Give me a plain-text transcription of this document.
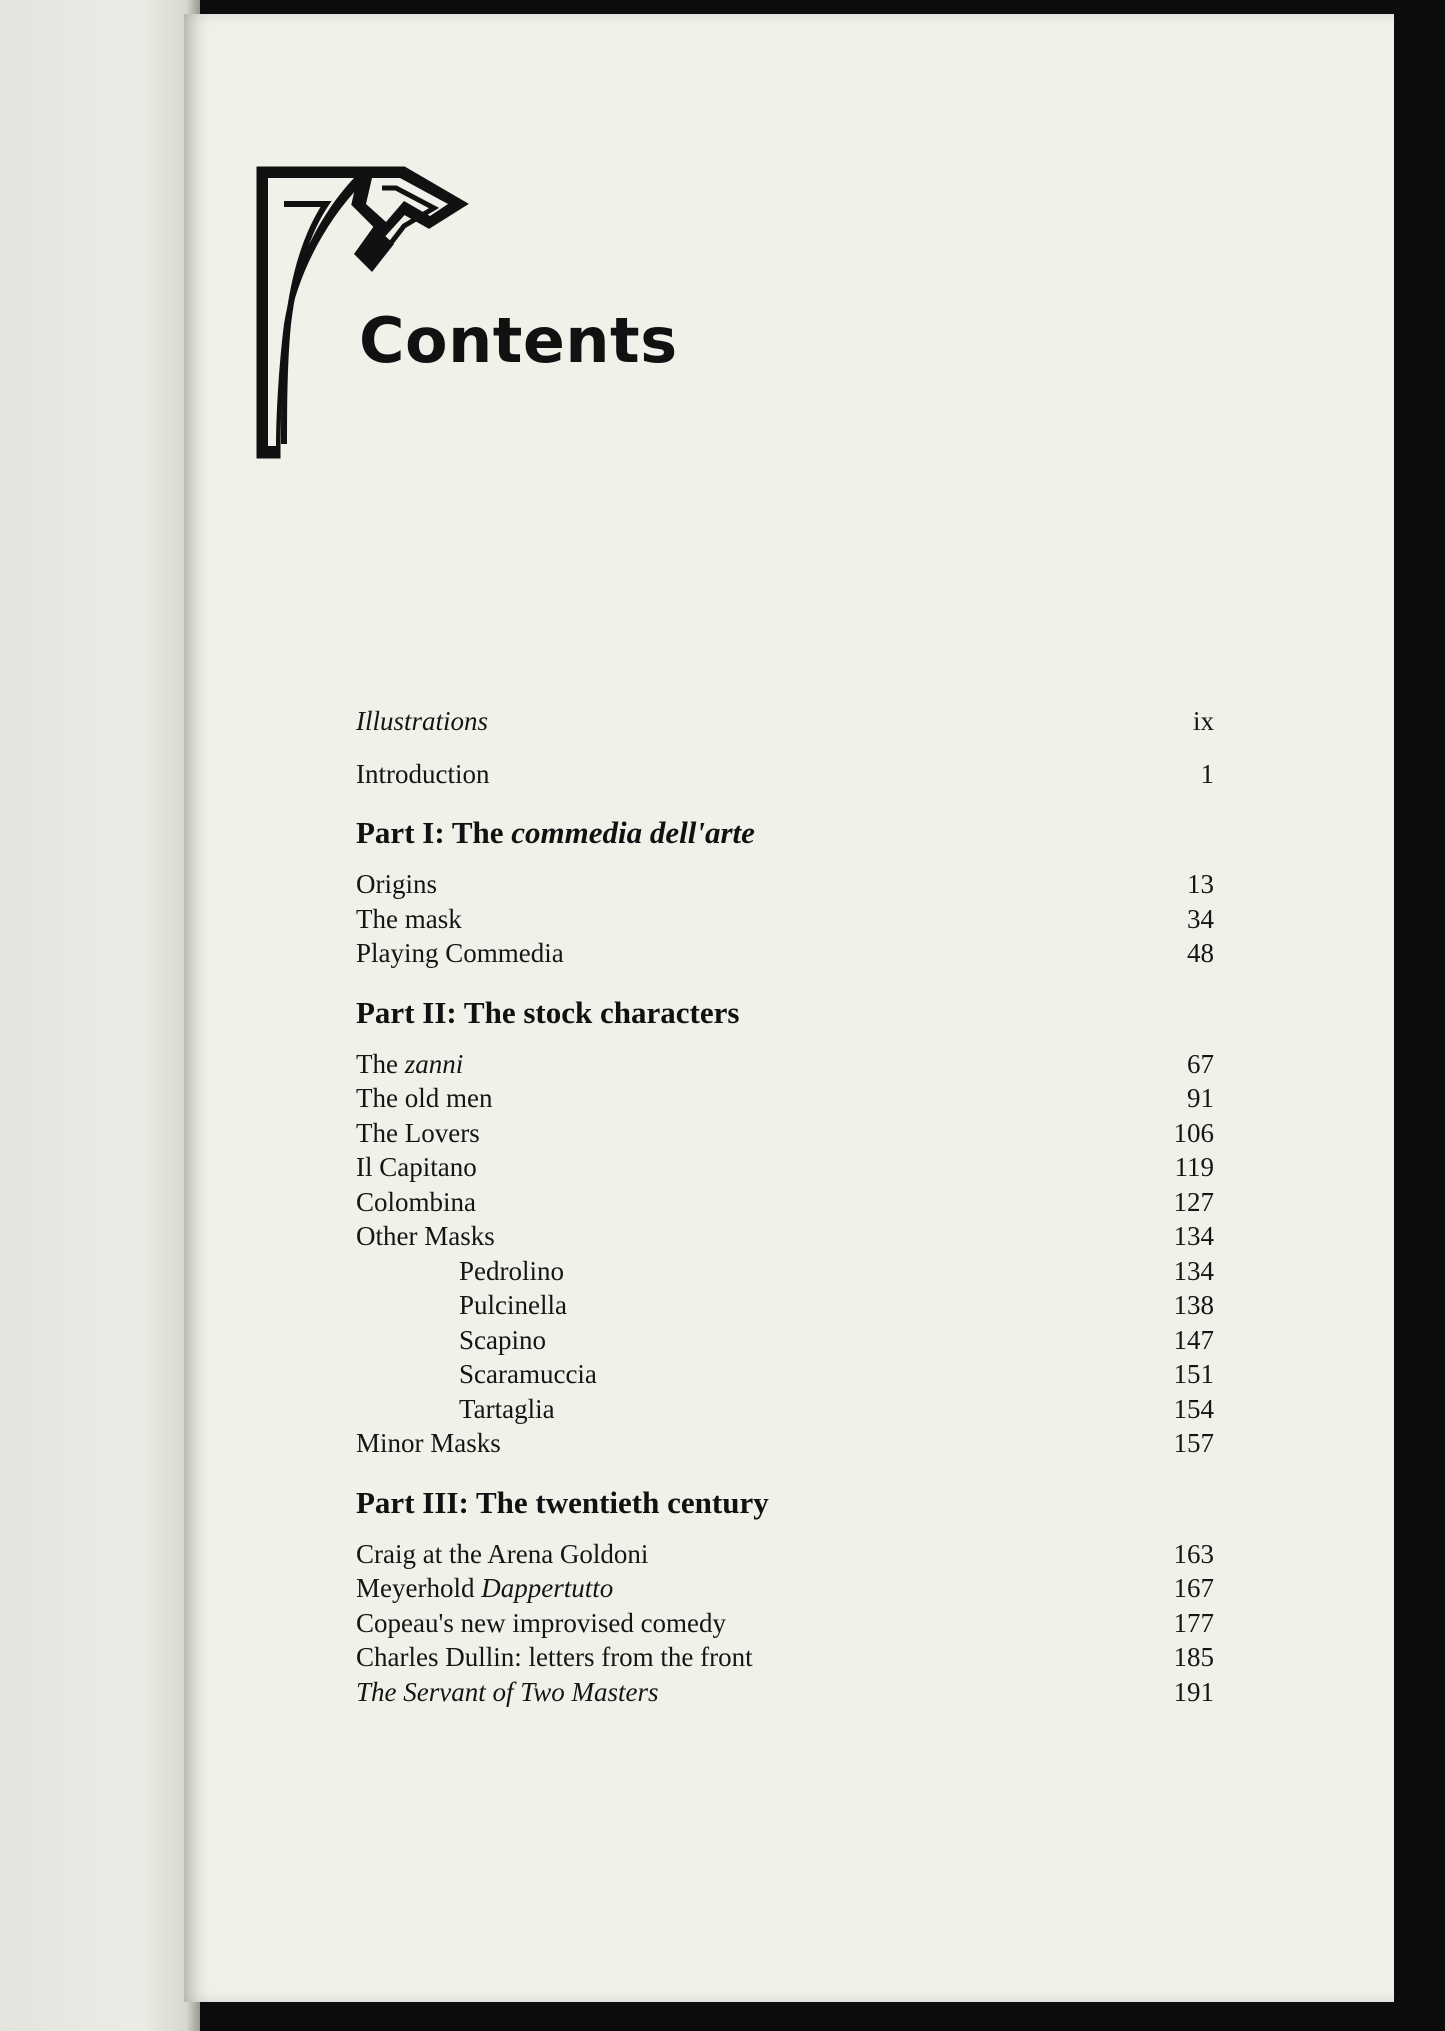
Contents
Illustrations	ix
Introduction	1
Part I: The commedia dell'arte
Origins	13
The mask	34
Playing Commedia	48
Part II: The stock characters
The zanni	67
The old men	91
The Lovers	106
Il Capitano	119
Colombina	127
Other Masks	134
Pedrolino	134
Pulcinella	138
Scapino	147
Scaramuccia	151
Tartaglia	154
Minor Masks	157
Part III: The twentieth century
Craig at the Arena Goldoni	163
Meyerhold Dappertutto	167
Copeau's new improvised comedy	177
Charles Dullin: letters from the front	185
The Servant of Two Masters	191
